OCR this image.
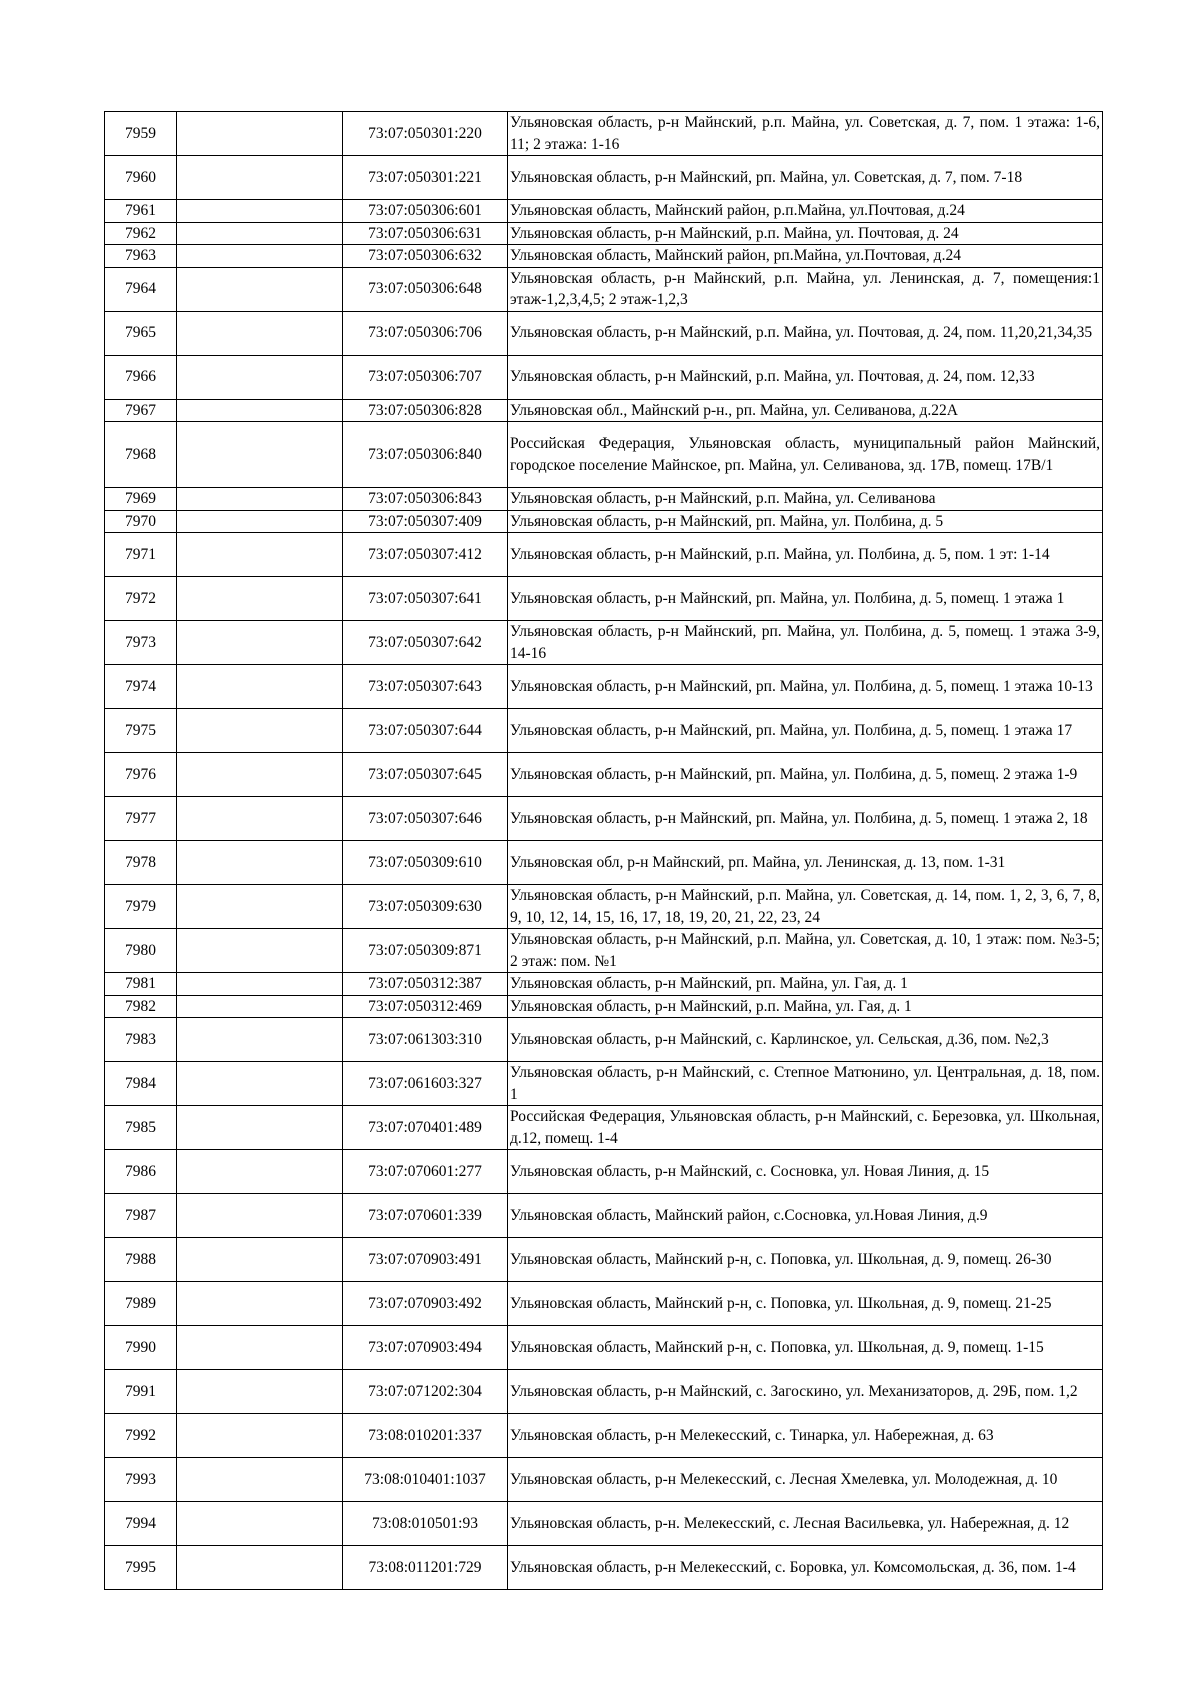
7959		73:07:050301:220	Ульяновская область, р-н Майнский, р.п. Майна, ул. Советская, д. 7, пом. 1 этажа: 1-6, 11; 2 этажа: 1-16
7960		73:07:050301:221	Ульяновская область, р-н Майнский, рп. Майна, ул. Советская, д. 7, пом. 7-18
7961		73:07:050306:601	Ульяновская область, Майнский район, р.п.Майна, ул.Почтовая, д.24
7962		73:07:050306:631	Ульяновская область, р-н Майнский, р.п. Майна, ул. Почтовая, д. 24
7963		73:07:050306:632	Ульяновская область, Майнский район, рп.Майна, ул.Почтовая, д.24
7964		73:07:050306:648	Ульяновская область, р-н Майнский, р.п. Майна, ул. Ленинская, д. 7, помещения:1 этаж-1,2,3,4,5; 2 этаж-1,2,3
7965		73:07:050306:706	Ульяновская область, р-н Майнский, р.п. Майна, ул. Почтовая, д. 24, пом. 11,20,21,34,35
7966		73:07:050306:707	Ульяновская область, р-н Майнский, р.п. Майна, ул. Почтовая, д. 24, пом. 12,33
7967		73:07:050306:828	Ульяновская обл., Майнский р-н., рп. Майна, ул. Селиванова, д.22А
7968		73:07:050306:840	Российская Федерация, Ульяновская область, муниципальный район Майнский, городское поселение Майнское, рп. Майна, ул. Селиванова, зд. 17В, помещ. 17В/1
7969		73:07:050306:843	Ульяновская область, р-н Майнский, р.п. Майна, ул. Селиванова
7970		73:07:050307:409	Ульяновская область, р-н Майнский, рп. Майна, ул. Полбина, д. 5
7971		73:07:050307:412	Ульяновская область, р-н Майнский, р.п. Майна, ул. Полбина, д. 5, пом. 1 эт: 1-14
7972		73:07:050307:641	Ульяновская область, р-н Майнский, рп. Майна, ул. Полбина, д. 5, помещ. 1 этажа 1
7973		73:07:050307:642	Ульяновская область, р-н Майнский, рп. Майна, ул. Полбина, д. 5, помещ. 1 этажа 3-9, 14-16
7974		73:07:050307:643	Ульяновская область, р-н Майнский, рп. Майна, ул. Полбина, д. 5, помещ. 1 этажа 10-13
7975		73:07:050307:644	Ульяновская область, р-н Майнский, рп. Майна, ул. Полбина, д. 5, помещ. 1 этажа 17
7976		73:07:050307:645	Ульяновская область, р-н Майнский, рп. Майна, ул. Полбина, д. 5, помещ. 2 этажа 1-9
7977		73:07:050307:646	Ульяновская область, р-н Майнский, рп. Майна, ул. Полбина, д. 5, помещ. 1 этажа 2, 18
7978		73:07:050309:610	Ульяновская обл, р-н Майнский, рп. Майна, ул. Ленинская, д. 13, пом. 1-31
7979		73:07:050309:630	Ульяновская область, р-н Майнский, р.п. Майна, ул. Советская, д. 14, пом. 1, 2, 3, 6, 7, 8, 9, 10, 12, 14, 15, 16, 17, 18, 19, 20, 21, 22, 23, 24
7980		73:07:050309:871	Ульяновская область, р-н Майнский, р.п. Майна, ул. Советская, д. 10, 1 этаж: пом. №3-5; 2 этаж: пом. №1
7981		73:07:050312:387	Ульяновская область, р-н Майнский, рп. Майна, ул. Гая, д. 1
7982		73:07:050312:469	Ульяновская область, р-н Майнский, р.п. Майна, ул. Гая, д. 1
7983		73:07:061303:310	Ульяновская область, р-н Майнский, с. Карлинское, ул. Сельская, д.36, пом. №2,3
7984		73:07:061603:327	Ульяновская область, р-н Майнский, с. Степное Матюнино, ул. Центральная, д. 18, пом. 1
7985		73:07:070401:489	Российская Федерация, Ульяновская область, р-н Майнский, с. Березовка, ул. Школьная, д.12, помещ. 1-4
7986		73:07:070601:277	Ульяновская область, р-н Майнский, с. Сосновка, ул. Новая Линия, д. 15
7987		73:07:070601:339	Ульяновская область, Майнский район, с.Сосновка, ул.Новая Линия, д.9
7988		73:07:070903:491	Ульяновская область, Майнский р-н, с. Поповка, ул. Школьная, д. 9, помещ. 26-30
7989		73:07:070903:492	Ульяновская область, Майнский р-н, с. Поповка, ул. Школьная, д. 9, помещ. 21-25
7990		73:07:070903:494	Ульяновская область, Майнский р-н, с. Поповка, ул. Школьная, д. 9, помещ. 1-15
7991		73:07:071202:304	Ульяновская область, р-н Майнский, с. Загоскино, ул. Механизаторов, д. 29Б, пом. 1,2
7992		73:08:010201:337	Ульяновская область, р-н Мелекесский, с. Тинарка, ул. Набережная, д. 63
7993		73:08:010401:1037	Ульяновская область, р-н Мелекесский, с. Лесная Хмелевка, ул. Молодежная, д. 10
7994		73:08:010501:93	Ульяновская область, р-н. Мелекесский, с. Лесная Васильевка, ул. Набережная, д. 12
7995		73:08:011201:729	Ульяновская область, р-н Мелекесский, с. Боровка, ул. Комсомольская, д. 36, пом. 1-4
